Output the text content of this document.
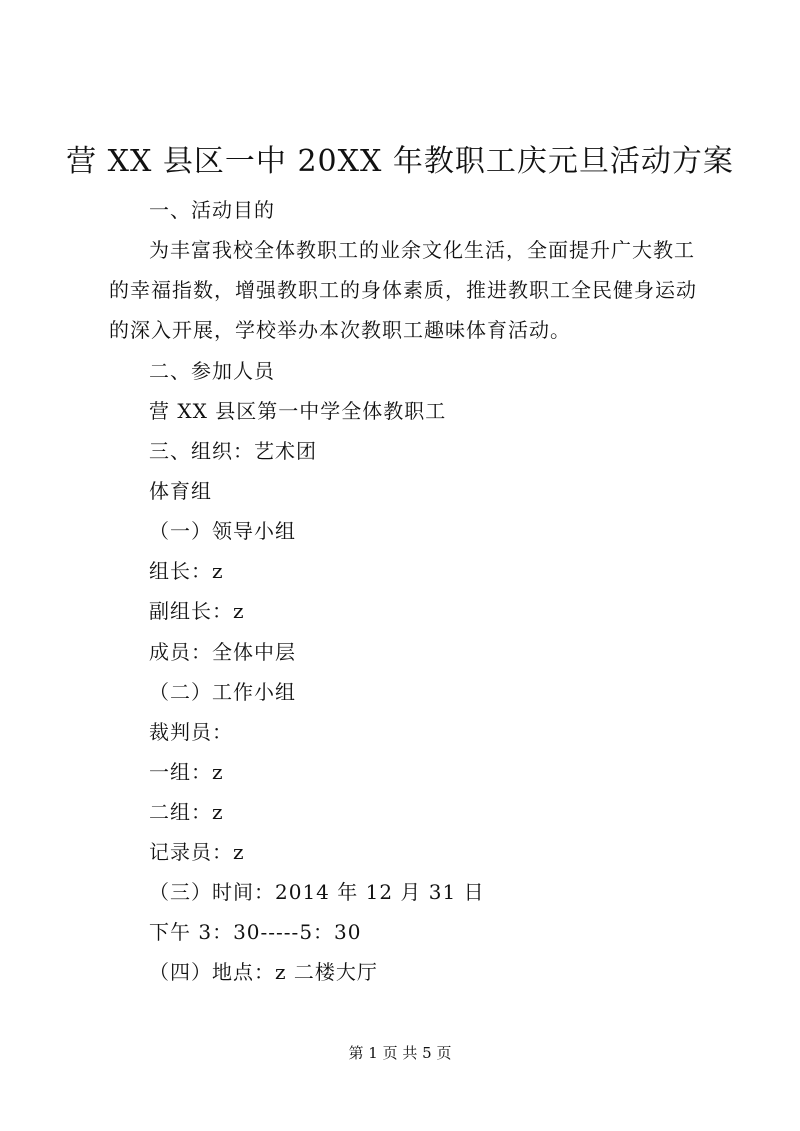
营 XX 县区一中 20XX 年教职工庆元旦活动方案

一、活动目的

为丰富我校全体教职工的业余文化生活，全面提升广大教工的幸福指数，增强教职工的身体素质，推进教职工全民健身运动的深入开展，学校举办本次教职工趣味体育活动。

二、参加人员

营 XX 县区第一中学全体教职工

三、组织：艺术团

体育组

（一）领导小组

组长：z

副组长：z

成员：全体中层

（二）工作小组

裁判员：

一组：z

二组：z

记录员：z

（三）时间：2014 年 12 月 31 日

下午 3：30-----5：30

（四）地点：z 二楼大厅

第 1 页 共 5 页
